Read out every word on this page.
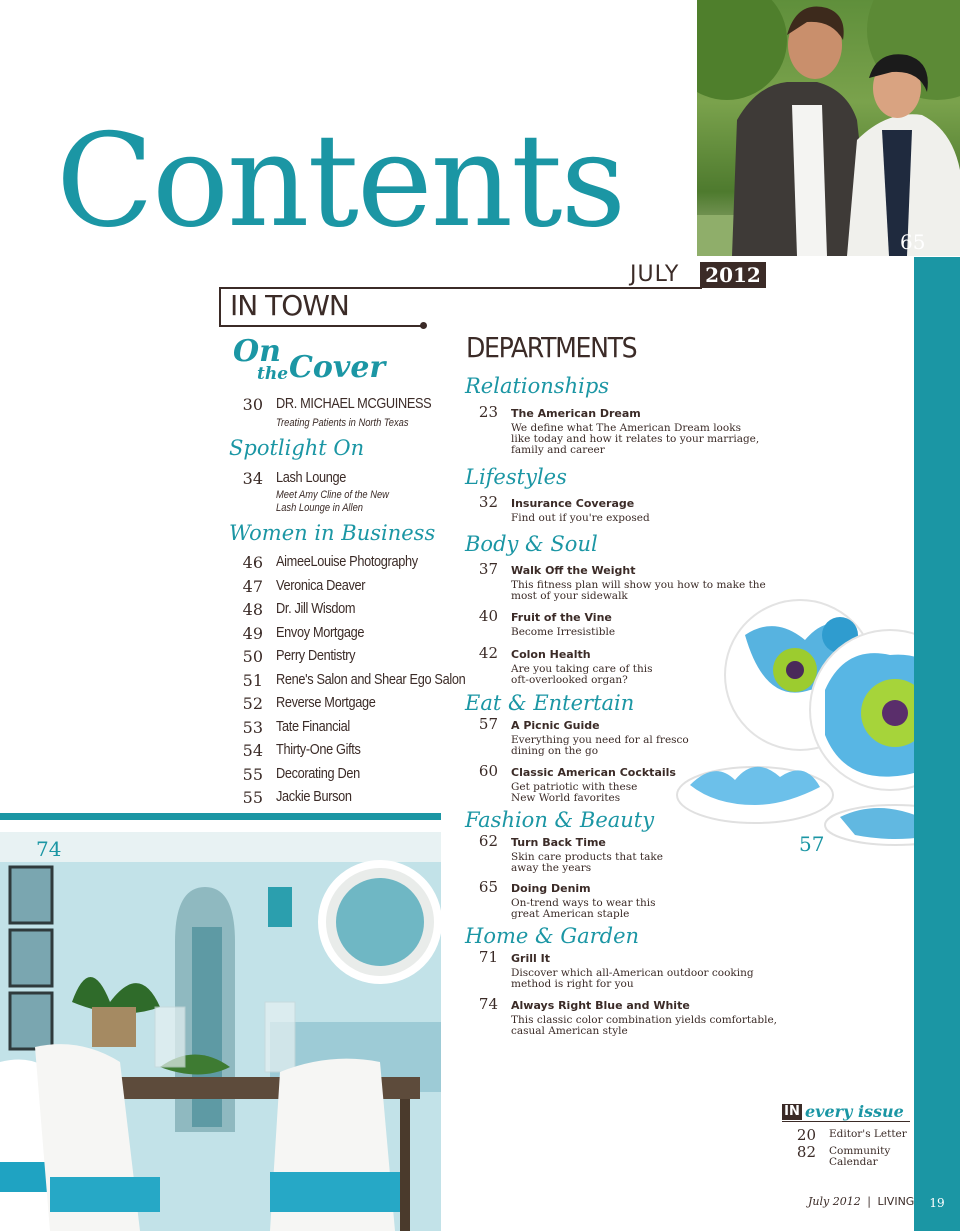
65
Contents
JULY 2012
IN TOWN
On
the Cover
30 DR. MICHAEL MCGUINESS
Treating Patients in North Texas
Spotlight On
34 Lash Lounge
Meet Amy Cline of the New
Lash Lounge in Allen
Women in Business
46 AimeeLouise Photography
47 Veronica Deaver
48 Dr. Jill Wisdom
49 Envoy Mortgage
50 Perry Dentistry
51 Rene's Salon and Shear Ego Salon
52 Reverse Mortgage
53 Tate Financial
54 Thirty-One Gifts
55 Decorating Den
55 Jackie Burson
DEPARTMENTS
Relationships
23 The American Dream
We define what The American Dream looks
like today and how it relates to your marriage,
family and career
Lifestyles
32 Insurance Coverage
Find out if you're exposed
Body & Soul
37 Walk Off the Weight
This fitness plan will show you how to make the
most of your sidewalk
40 Fruit of the Vine
Become Irresistible
42 Colon Health
Are you taking care of this
oft-overlooked organ?
Eat & Entertain
57 A Picnic Guide
Everything you need for al fresco
dining on the go
60 Classic American Cocktails
Get patriotic with these
New World favorites
Fashion & Beauty
62 Turn Back Time
Skin care products that take
away the years
65 Doing Denim
On-trend ways to wear this
great American staple
Home & Garden
71 Grill It
Discover which all-American outdoor cooking
method is right for you
74 Always Right Blue and White
This classic color combination yields comfortable,
casual American style
57
74
IN every issue
20 Editor's Letter
82 Community
Calendar
July 2012 | LIVING	19
